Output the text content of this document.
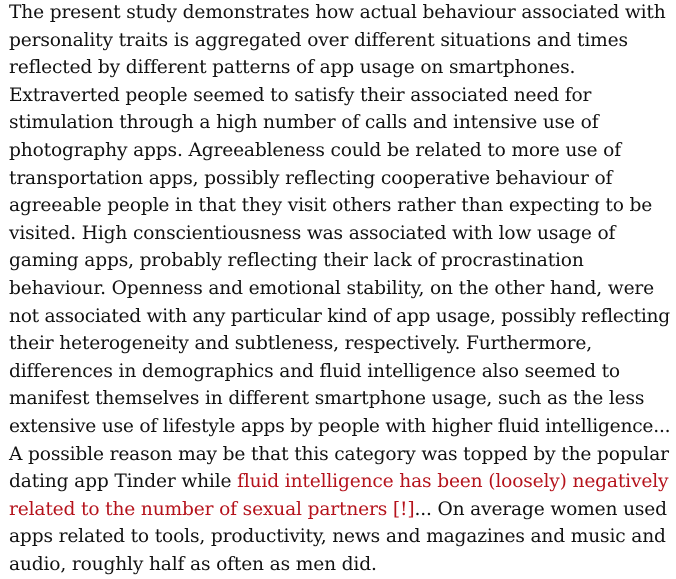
The present study demonstrates how actual behaviour associated with
personality traits is aggregated over different situations and times
reflected by different patterns of app usage on smartphones.
Extraverted people seemed to satisfy their associated need for
stimulation through a high number of calls and intensive use of
photography apps. Agreeableness could be related to more use of
transportation apps, possibly reflecting cooperative behaviour of
agreeable people in that they visit others rather than expecting to be
visited. High conscientiousness was associated with low usage of
gaming apps, probably reflecting their lack of procrastination
behaviour. Openness and emotional stability, on the other hand, were
not associated with any particular kind of app usage, possibly reflecting
their heterogeneity and subtleness, respectively. Furthermore,
differences in demographics and fluid intelligence also seemed to
manifest themselves in different smartphone usage, such as the less
extensive use of lifestyle apps by people with higher fluid intelligence...
A possible reason may be that this category was topped by the popular
dating app Tinder while fluid intelligence has been (loosely) negatively
related to the number of sexual partners [!]... On average women used
apps related to tools, productivity, news and magazines and music and
audio, roughly half as often as men did.
